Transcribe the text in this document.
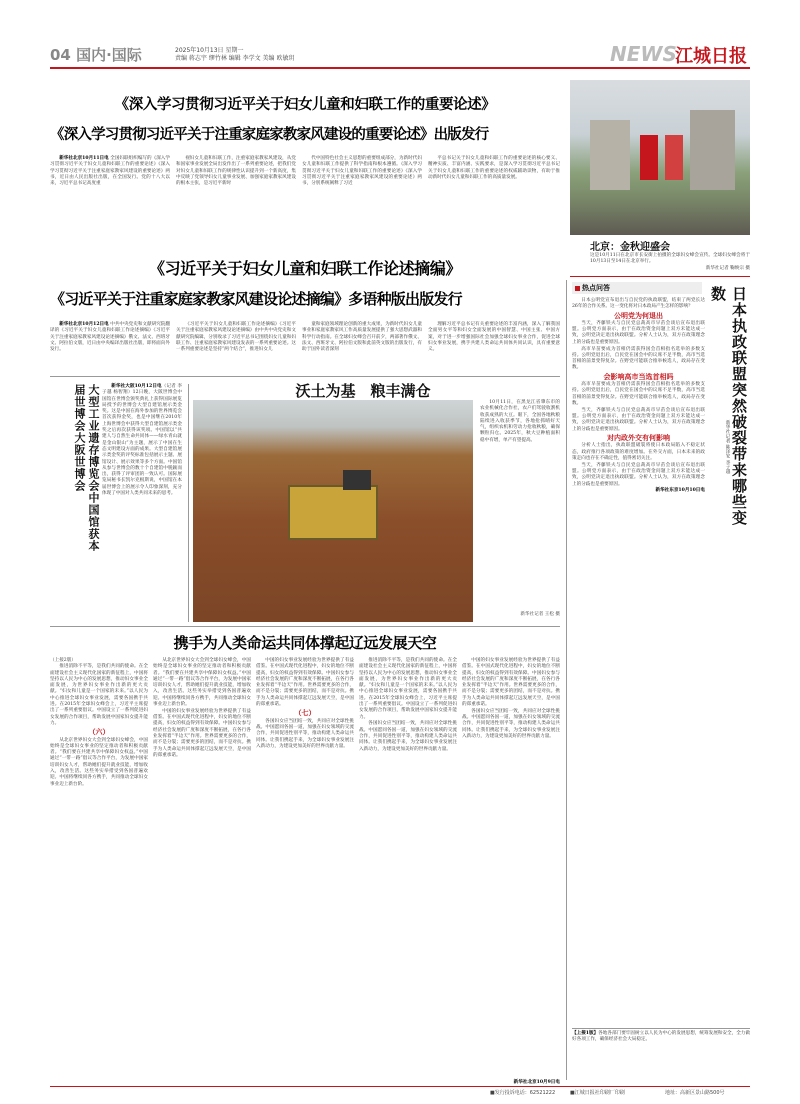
04 国内·国际	2025年10月13日 星期一
责编 蒋志宇 缪竹林 编辑 李学文 美编 欧敏玥	NEWS
江城日报
《深入学习贯彻习近平关于妇女儿童和妇联工作的重要论述》
《深入学习贯彻习近平关于注重家庭家教家风建设的重要论述》出版发行

新华社北京10月11日电 全国妇联组织编写的《深入学习贯彻习近平关于妇女儿童和妇联工作的重要论述》《深入学习贯彻习近平关于注重家庭家教家风建设的重要论述》两书，近日由人民出版社出版，在全国发行。党的十八大以来，习近平总书记高度重

视妇女儿童和妇联工作，注重家庭家教家风建设，从党和国家事业发展全局出发作出了一系列重要论述，把我们党对妇女儿童和妇联工作的规律性认识提升到一个新高度，集中反映了党领导妇女儿童事业发展、加强家庭家教家风建设的根本主张，是习近平新时

代中国特色社会主义思想的重要组成部分，为新时代妇女儿童和妇联工作提供了科学指南和根本遵循。《深入学习贯彻习近平关于妇女儿童和妇联工作的重要论述》《深入学习贯彻习近平关于注重家庭家教家风建设的重要论述》两书，分别系统阐释了习近

平总书记关于妇女儿童和妇联工作的重要论述的核心要义、精神实质、丰富内涵、实践要求，是深入学习贯彻习近平总书记关于妇女儿童和妇联工作的重要论述的权威辅助读物，有助于推动新时代妇女儿童和妇联工作的高质量发展。

北京：金秋迎盛会
这是10月11日在北京市长安街上拍摄的全球妇女峰会宣传。全球妇女峰会将于10月13日至14日在北京举行。
新华社记者 鞠焕宗 摄
《习近平关于妇女儿童和妇联工作论述摘编》
《习近平关于注重家庭家教家风建设论述摘编》多语种版出版发行

新华社北京10月12日电 中共中央党史和文献研究院翻译的《习近平关于妇女儿童和妇联工作论述摘编》《习近平关于注重家庭家教家风建设论述摘编》俄文、法文、西班牙文、阿拉伯文版，近日由中央编译出版社出版，即将面向外发行。

《习近平关于妇女儿童和妇联工作论述摘编》《习近平关于注重家庭家教家风建设论述摘编》由中共中央党史和文献研究院编辑，分别收录了习近平总书记围绕妇女儿童和妇联工作、注重家庭家教家风建设发表的一系列重要论述。这一系列重要论述是坚持“两个结合”，推进妇女儿

童和家庭领域理论创新的重大成果，为新时代妇女儿童事业和家庭家教家风工作高质量发展提供了强大思想武器和科学行动指南。在全球妇女峰会召开前夕，两部著作俄文、法文、西班牙文、阿拉伯文版和此前英文版的出版发行，有助于国外读者深刻

理解习近平总书记有关重要论述的丰富内涵，深入了解我国全面男女平等和妇女全面发展的中国智慧、中国主张、中国方案，对于进一步增强国际社会加强全球妇女事业合作，促进全球妇女事业发展，携手共建人类命运共同体共同认识，具有重要意义。

大型工业遗存博览会中国馆获本届世博会大阪世博会	新华社大阪10月12日电（记者 李子越 杨智翔）12日晚，大阪世博会中国馆在世博会颁奖典礼上获得国际展览局授予的世博会大型自建馆展示类金奖。这是中国在海外参加的世界博览会首次获得金奖，也是中国继在2010年上海世博会中获得大型自建馆展示类金奖之后再次获得该奖项。中国馆以“共建人与自然生命共同体——绿水青山就是金山银山”为主题，展示了中国在生态文明建设方面的成果。大型自建馆展示类金奖的评奖标准包括展示主题、展馆设计、展示效果等多个方面。中国馆从参与世博会的数十个自建馆中脱颖而出，获得了评审团的一致认可。国际展览局秘书长凯尔克根斯说，中国馆在本届世博会上的展示令人印象深刻，充分体现了中国对人类共同未来的思考。

大型工业遗存博览会在大连举办第十届世界博览会
沃土为基　粮丰满仓

10月11日，在黑龙江省肇东市的农业机械化合作社，农户们驾驶收割机收获成熟的大豆。眼下，全国各地秋粮陆续进入收获季节，各地抢抓晴好天气，组织农机和劳动力抢收秋粮，确保颗粒归仓。2025年，秋大豆种植面积稳中有增，单产有望提高。

新华社记者 王松 摄
携手为人类命运共同体撑起辽远发展天空
（上接2版）

推进消除不平等，是我们共同的使命。在全面建设社会主义现代化国家的新征程上，中国将坚持以人民为中心的发展思想，推动妇女事业全面发展，为世界妇女事业作出新的更大贡献。“妇女和儿童是一个国家的未来。”以人民为中心推进全球妇女事业发展，需要各国携手共进。在2015年全球妇女峰会上，习近平主席提出了一系列重要倡议。中国设立了一系列促进妇女发展的合作项目，帮助发展中国家妇女提升能力。

（六）

从北京世界妇女大会到全球妇女峰会，中国始终是全球妇女事业的坚定推动者和积极贡献者。“我们要在共建共享中保障妇女权益。”中国通过“一带一路”倡议等合作平台，为发展中国家培训妇女人才，帮助她们提升就业技能，增加收入，改善生活。这些务实举措受到各国普遍欢迎。中国将继续同各方携手，共同推动全球妇女事业迈上新台阶。

从北京世界妇女大会到全球妇女峰会，中国始终是全球妇女事业的坚定推动者和积极贡献者。“我们要在共建共享中保障妇女权益。”中国通过“一带一路”倡议等合作平台，为发展中国家培训妇女人才，帮助她们提升就业技能，增加收入，改善生活。这些务实举措受到各国普遍欢迎。中国将继续同各方携手，共同推动全球妇女事业迈上新台阶。

中国的妇女事业发展经验为世界提供了有益借鉴。在中国式现代化进程中，妇女的地位不断提高，妇女的权益得到有效保障。中国妇女参与经济社会发展的广度和深度不断拓展，在各行各业发挥着“半边天”作用。世界需要更多的合作，而不是分裂；需要更多的团结，而不是对抗。携手为人类命运共同体撑起辽远发展天空，是中国的郑重承诺。

中国的妇女事业发展经验为世界提供了有益借鉴。在中国式现代化进程中，妇女的地位不断提高，妇女的权益得到有效保障。中国妇女参与经济社会发展的广度和深度不断拓展，在各行各业发挥着“半边天”作用。世界需要更多的合作，而不是分裂；需要更多的团结，而不是对抗。携手为人类命运共同体撑起辽远发展天空，是中国的郑重承诺。

（七）

各国妇女应当团结一致，共同应对全球性挑战。中国愿同各国一道，加强在妇女领域的交流合作，共同促进性别平等，推动构建人类命运共同体。让我们携起手来，为全球妇女事业发展注入新动力，为建设更加美好的世界贡献力量。

推进消除不平等，是我们共同的使命。在全面建设社会主义现代化国家的新征程上，中国将坚持以人民为中心的发展思想，推动妇女事业全面发展，为世界妇女事业作出新的更大贡献。“妇女和儿童是一个国家的未来。”以人民为中心推进全球妇女事业发展，需要各国携手共进。在2015年全球妇女峰会上，习近平主席提出了一系列重要倡议。中国设立了一系列促进妇女发展的合作项目，帮助发展中国家妇女提升能力。

各国妇女应当团结一致，共同应对全球性挑战。中国愿同各国一道，加强在妇女领域的交流合作，共同促进性别平等，推动构建人类命运共同体。让我们携起手来，为全球妇女事业发展注入新动力，为建设更加美好的世界贡献力量。

中国的妇女事业发展经验为世界提供了有益借鉴。在中国式现代化进程中，妇女的地位不断提高，妇女的权益得到有效保障。中国妇女参与经济社会发展的广度和深度不断拓展，在各行各业发挥着“半边天”作用。世界需要更多的合作，而不是分裂；需要更多的团结，而不是对抗。携手为人类命运共同体撑起辽远发展天空，是中国的郑重承诺。

各国妇女应当团结一致，共同应对全球性挑战。中国愿同各国一道，加强在妇女领域的交流合作，共同促进性别平等，推动构建人类命运共同体。让我们携起手来，为全球妇女事业发展注入新动力，为建设更加美好的世界贡献力量。

新华社北京10月9日电
热点问答	日本执政联盟突然破裂带来哪些变数
新华社记者 陈泽安 李子越

日本公明党宣布退出与自民党的执政联盟，结束了两党长达26年的合作关系。这一变化将对日本政局产生怎样的影响？

公明党为何退出

当天，齐藤铁夫与自民党总裁高市早苗会谈后宣布退出联盟。公明党方面表示，由于在政治资金问题上双方未能达成一致，公明党决定退出执政联盟。分析人士认为，双方在政策理念上的分歧也是重要原因。

高市早苗要成为首相仍需获得国会首相指名选举的多数支持。公明党退出后，自民党在国会中的议席不足半数，高市当选首相的前景变得复杂。在野党可能联合推举候选人，政局存在变数。

会影响高市当选首相吗

高市早苗要成为首相仍需获得国会首相指名选举的多数支持。公明党退出后，自民党在国会中的议席不足半数，高市当选首相的前景变得复杂。在野党可能联合推举候选人，政局存在变数。

当天，齐藤铁夫与自民党总裁高市早苗会谈后宣布退出联盟。公明党方面表示，由于在政治资金问题上双方未能达成一致，公明党决定退出执政联盟。分析人士认为，双方在政策理念上的分歧也是重要原因。

对内政外交有何影响

分析人士指出，执政联盟破裂将使日本政局陷入不稳定状态，政府推行各项政策的难度增加。在外交方面，日本未来的政策走向也存在不确定性，值得密切关注。

当天，齐藤铁夫与自民党总裁高市早苗会谈后宣布退出联盟。公明党方面表示，由于在政治资金问题上双方未能达成一致，公明党决定退出执政联盟。分析人士认为，双方在政策理念上的分歧也是重要原因。

新华社东京10月10日电
【上接1版】各地各部门要牢固树立以人民为中心的发展思想，统筹发展和安全，全力做好各项工作，确保经济社会大局稳定。
■发行投诉电话：62521222	■江城日报社印刷厂印刷	地址：高新区景山路500号
